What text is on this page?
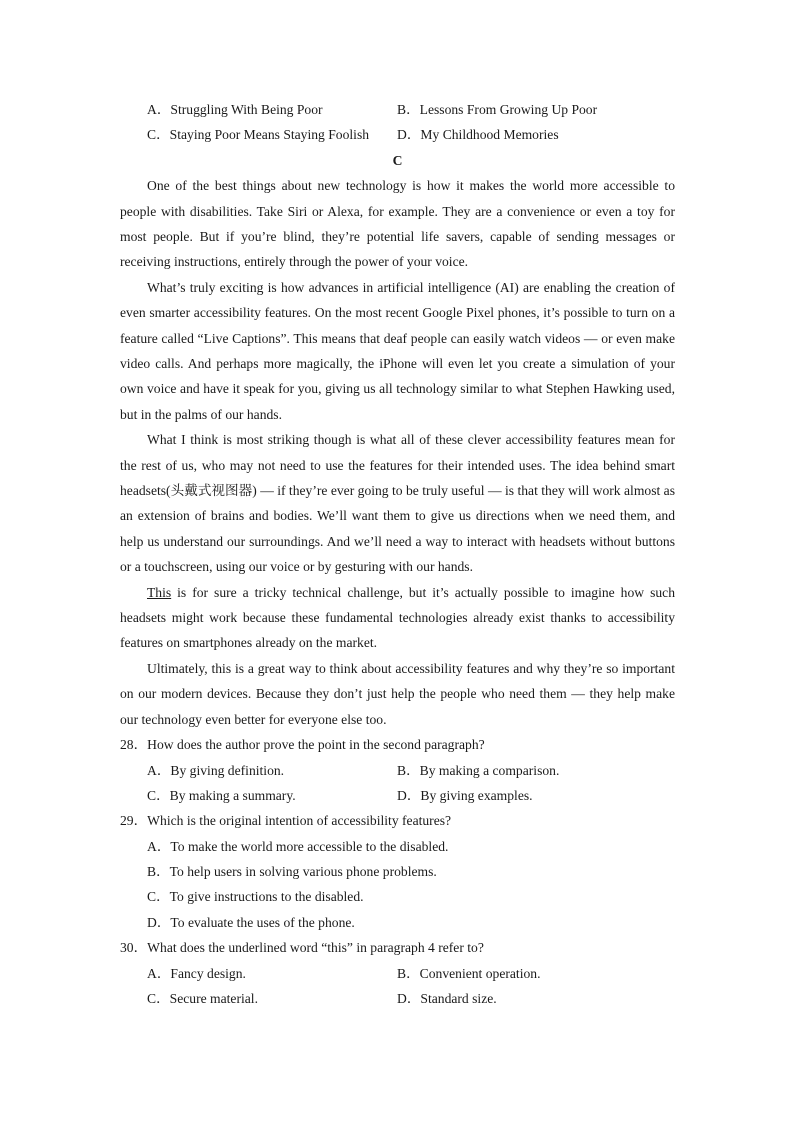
A．Struggling With Being Poor	B．Lessons From Growing Up Poor
C．Staying Poor Means Staying Foolish	D．My Childhood Memories
C

One of the best things about new technology is how it makes the world more accessible to people with disabilities. Take Siri or Alexa, for example. They are a convenience or even a toy for most people. But if you’re blind, they’re potential life savers, capable of sending messages or receiving instructions, entirely through the power of your voice.

What’s truly exciting is how advances in artificial intelligence (AI) are enabling the creation of even smarter accessibility features. On the most recent Google Pixel phones, it’s possible to turn on a feature called “Live Captions”. This means that deaf people can easily watch videos — or even make video calls. And perhaps more magically, the iPhone will even let you create a simulation of your own voice and have it speak for you, giving us all technology similar to what Stephen Hawking used, but in the palms of our hands.

What I think is most striking though is what all of these clever accessibility features mean for the rest of us, who may not need to use the features for their intended uses. The idea behind smart headsets(头戴式视图器) — if they’re ever going to be truly useful — is that they will work almost as an extension of brains and bodies. We’ll want them to give us directions when we need them, and help us understand our surroundings. And we’ll need a way to interact with headsets without buttons or a touchscreen, using our voice or by gesturing with our hands.

This is for sure a tricky technical challenge, but it’s actually possible to imagine how such headsets might work because these fundamental technologies already exist thanks to accessibility features on smartphones already on the market.

Ultimately, this is a great way to think about accessibility features and why they’re so important on our modern devices. Because they don’t just help the people who need them — they help make our technology even better for everyone else too.

28．How does the author prove the point in the second paragraph?
A．By giving definition.	B．By making a comparison.
C．By making a summary.	D．By giving examples.
29．Which is the original intention of accessibility features?
A．To make the world more accessible to the disabled.
B．To help users in solving various phone problems.
C．To give instructions to the disabled.
D．To evaluate the uses of the phone.
30．What does the underlined word “this” in paragraph 4 refer to?
A．Fancy design.	B．Convenient operation.
C．Secure material.	D．Standard size.
